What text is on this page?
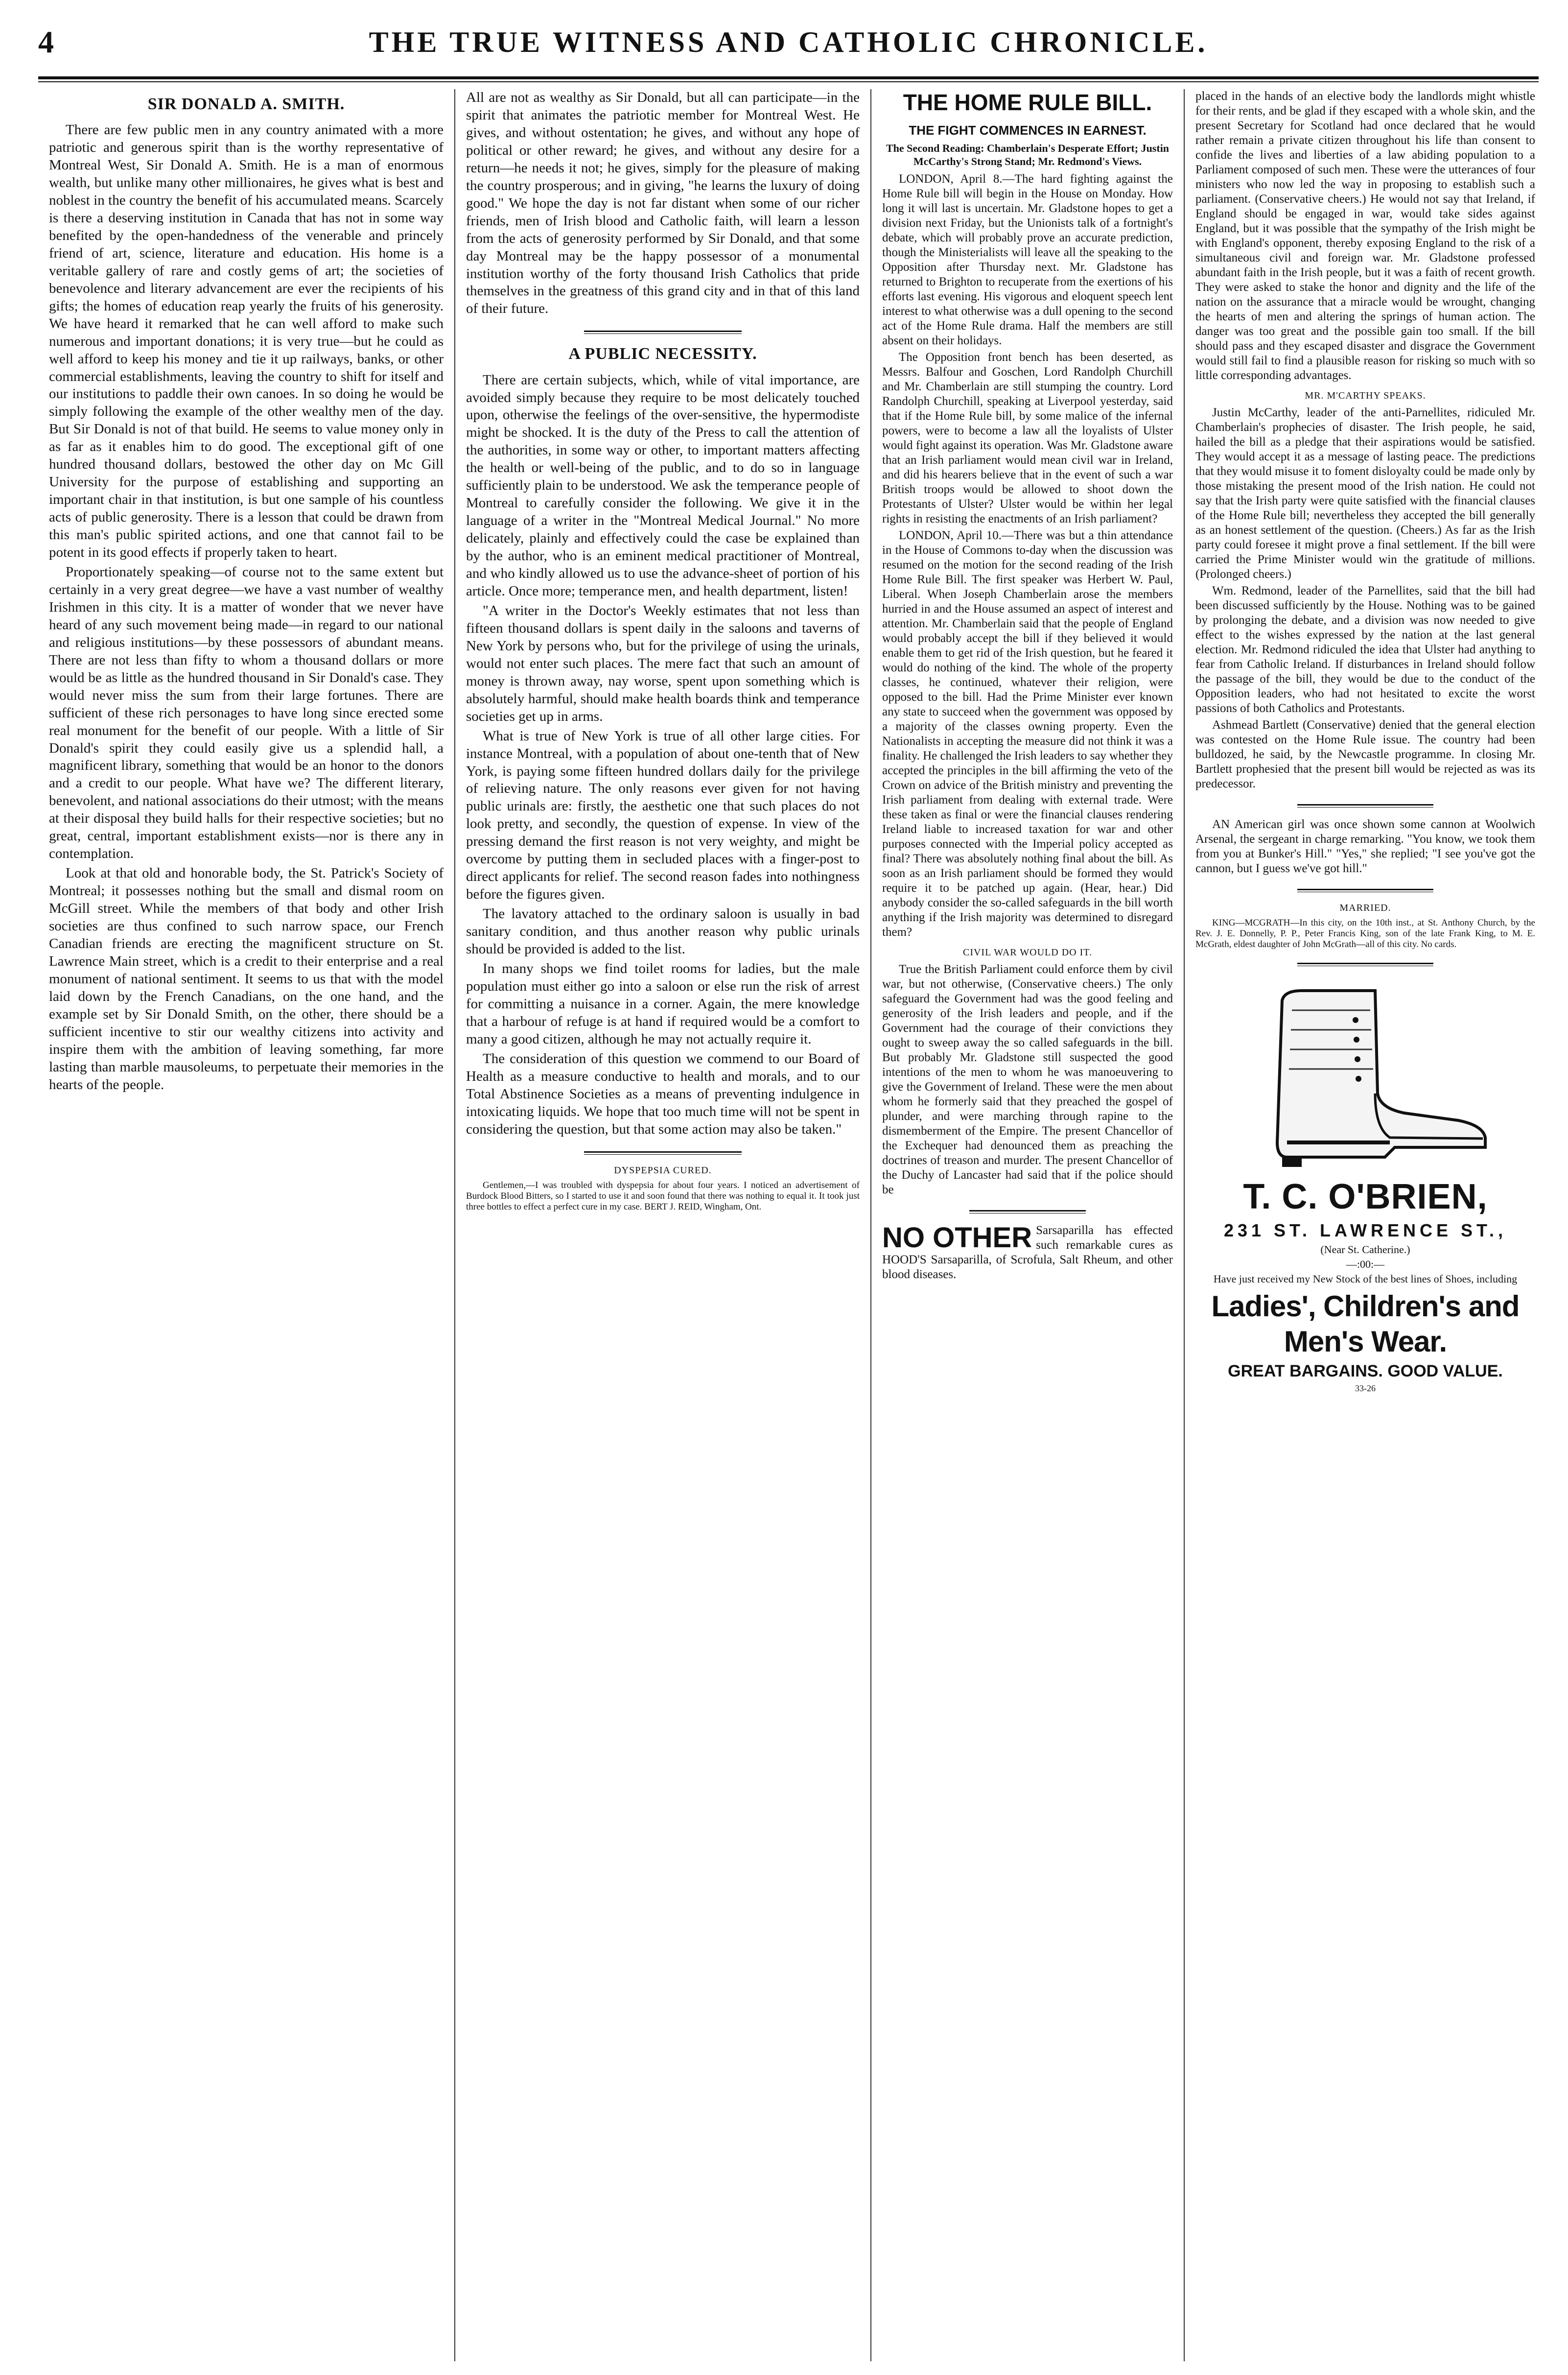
4	THE TRUE WITNESS AND CATHOLIC CHRONICLE.
SIR DONALD A. SMITH.

There are few public men in any country animated with a more patriotic and generous spirit than is the worthy representative of Montreal West, Sir Donald A. Smith. He is a man of enormous wealth, but unlike many other millionaires, he gives what is best and noblest in the country the benefit of his accumulated means. Scarcely is there a deserving institution in Canada that has not in some way benefited by the open-handedness of the venerable and princely friend of art, science, literature and education. His home is a veritable gallery of rare and costly gems of art; the societies of benevolence and literary advancement are ever the recipients of his gifts; the homes of education reap yearly the fruits of his generosity. We have heard it remarked that he can well afford to make such numerous and important donations; it is very true—but he could as well afford to keep his money and tie it up railways, banks, or other commercial establishments, leaving the country to shift for itself and our institutions to paddle their own canoes. In so doing he would be simply following the example of the other wealthy men of the day. But Sir Donald is not of that build. He seems to value money only in as far as it enables him to do good. The exceptional gift of one hundred thousand dollars, bestowed the other day on Mc Gill University for the purpose of establishing and supporting an important chair in that institution, is but one sample of his countless acts of public generosity. There is a lesson that could be drawn from this man's public spirited actions, and one that cannot fail to be potent in its good effects if properly taken to heart.

Proportionately speaking—of course not to the same extent but certainly in a very great degree—we have a vast number of wealthy Irishmen in this city. It is a matter of wonder that we never have heard of any such movement being made—in regard to our national and religious institutions—by these possessors of abundant means. There are not less than fifty to whom a thousand dollars or more would be as little as the hundred thousand in Sir Donald's case. They would never miss the sum from their large fortunes. There are sufficient of these rich personages to have long since erected some real monument for the benefit of our people. With a little of Sir Donald's spirit they could easily give us a splendid hall, a magnificent library, something that would be an honor to the donors and a credit to our people. What have we? The different literary, benevolent, and national associations do their utmost; with the means at their disposal they build halls for their respective societies; but no great, central, important establishment exists—nor is there any in contemplation.

Look at that old and honorable body, the St. Patrick's Society of Montreal; it possesses nothing but the small and dismal room on McGill street. While the members of that body and other Irish societies are thus confined to such narrow space, our French Canadian friends are erecting the magnificent structure on St. Lawrence Main street, which is a credit to their enterprise and a real monument of national sentiment. It seems to us that with the model laid down by the French Canadians, on the one hand, and the example set by Sir Donald Smith, on the other, there should be a sufficient incentive to stir our wealthy citizens into activity and inspire them with the ambition of leaving something, far more lasting than marble mausoleums, to perpetuate their memories in the hearts of the people.

All are not as wealthy as Sir Donald, but all can participate—in the spirit that animates the patriotic member for Montreal West. He gives, and without ostentation; he gives, and without any hope of political or other reward; he gives, and without any desire for a return—he needs it not; he gives, simply for the pleasure of making the country prosperous; and in giving, "he learns the luxury of doing good." We hope the day is not far distant when some of our richer friends, men of Irish blood and Catholic faith, will learn a lesson from the acts of generosity performed by Sir Donald, and that some day Montreal may be the happy possessor of a monumental institution worthy of the forty thousand Irish Catholics that pride themselves in the greatness of this grand city and in that of this land of their future.

A PUBLIC NECESSITY.

There are certain subjects, which, while of vital importance, are avoided simply because they require to be most delicately touched upon, otherwise the feelings of the over-sensitive, the hypermodiste might be shocked. It is the duty of the Press to call the attention of the authorities, in some way or other, to important matters affecting the health or well-being of the public, and to do so in language sufficiently plain to be understood. We ask the temperance people of Montreal to carefully consider the following. We give it in the language of a writer in the "Montreal Medical Journal." No more delicately, plainly and effectively could the case be explained than by the author, who is an eminent medical practitioner of Montreal, and who kindly allowed us to use the advance-sheet of portion of his article. Once more; temperance men, and health department, listen!

"A writer in the Doctor's Weekly estimates that not less than fifteen thousand dollars is spent daily in the saloons and taverns of New York by persons who, but for the privilege of using the urinals, would not enter such places. The mere fact that such an amount of money is thrown away, nay worse, spent upon something which is absolutely harmful, should make health boards think and temperance societies get up in arms.

What is true of New York is true of all other large cities. For instance Montreal, with a population of about one-tenth that of New York, is paying some fifteen hundred dollars daily for the privilege of relieving nature. The only reasons ever given for not having public urinals are: firstly, the aesthetic one that such places do not look pretty, and secondly, the question of expense. In view of the pressing demand the first reason is not very weighty, and might be overcome by putting them in secluded places with a finger-post to direct applicants for relief. The second reason fades into nothingness before the figures given.

The lavatory attached to the ordinary saloon is usually in bad sanitary condition, and thus another reason why public urinals should be provided is added to the list.

In many shops we find toilet rooms for ladies, but the male population must either go into a saloon or else run the risk of arrest for committing a nuisance in a corner. Again, the mere knowledge that a harbour of refuge is at hand if required would be a comfort to many a good citizen, although he may not actually require it.

The consideration of this question we commend to our Board of Health as a measure conductive to health and morals, and to our Total Abstinence Societies as a means of preventing indulgence in intoxicating liquids. We hope that too much time will not be spent in considering the question, but that some action may also be taken."

DYSPEPSIA CURED.

Gentlemen,—I was troubled with dyspepsia for about four years. I noticed an advertisement of Burdock Blood Bitters, so I started to use it and soon found that there was nothing to equal it. It took just three bottles to effect a perfect cure in my case. BERT J. REID, Wingham, Ont.

THE HOME RULE BILL.
THE FIGHT COMMENCES IN EARNEST.
The Second Reading: Chamberlain's Desperate Effort; Justin McCarthy's Strong Stand; Mr. Redmond's Views.

LONDON, April 8.—The hard fighting against the Home Rule bill will begin in the House on Monday. How long it will last is uncertain. Mr. Gladstone hopes to get a division next Friday, but the Unionists talk of a fortnight's debate, which will probably prove an accurate prediction, though the Ministerialists will leave all the speaking to the Opposition after Thursday next. Mr. Gladstone has returned to Brighton to recuperate from the exertions of his efforts last evening. His vigorous and eloquent speech lent interest to what otherwise was a dull opening to the second act of the Home Rule drama. Half the members are still absent on their holidays.

The Opposition front bench has been deserted, as Messrs. Balfour and Goschen, Lord Randolph Churchill and Mr. Chamberlain are still stumping the country. Lord Randolph Churchill, speaking at Liverpool yesterday, said that if the Home Rule bill, by some malice of the infernal powers, were to become a law all the loyalists of Ulster would fight against its operation. Was Mr. Gladstone aware that an Irish parliament would mean civil war in Ireland, and did his hearers believe that in the event of such a war British troops would be allowed to shoot down the Protestants of Ulster? Ulster would be within her legal rights in resisting the enactments of an Irish parliament?

LONDON, April 10.—There was but a thin attendance in the House of Commons to-day when the discussion was resumed on the motion for the second reading of the Irish Home Rule Bill. The first speaker was Herbert W. Paul, Liberal. When Joseph Chamberlain arose the members hurried in and the House assumed an aspect of interest and attention. Mr. Chamberlain said that the people of England would probably accept the bill if they believed it would enable them to get rid of the Irish question, but he feared it would do nothing of the kind. The whole of the property classes, he continued, whatever their religion, were opposed to the bill. Had the Prime Minister ever known any state to succeed when the government was opposed by a majority of the classes owning property. Even the Nationalists in accepting the measure did not think it was a finality. He challenged the Irish leaders to say whether they accepted the principles in the bill affirming the veto of the Crown on advice of the British ministry and preventing the Irish parliament from dealing with external trade. Were these taken as final or were the financial clauses rendering Ireland liable to increased taxation for war and other purposes connected with the Imperial policy accepted as final? There was absolutely nothing final about the bill. As soon as an Irish parliament should be formed they would require it to be patched up again. (Hear, hear.) Did anybody consider the so-called safeguards in the bill worth anything if the Irish majority was determined to disregard them?

CIVIL WAR WOULD DO IT.

True the British Parliament could enforce them by civil war, but not otherwise, (Conservative cheers.) The only safeguard the Government had was the good feeling and generosity of the Irish leaders and people, and if the Government had the courage of their convictions they ought to sweep away the so called safeguards in the bill. But probably Mr. Gladstone still suspected the good intentions of the men to whom he was manoeuvering to give the Government of Ireland. These were the men about whom he formerly said that they preached the gospel of plunder, and were marching through rapine to the dismemberment of the Empire. The present Chancellor of the Exchequer had denounced them as preaching the doctrines of treason and murder. The present Chancellor of the Duchy of Lancaster had said that if the police should be

NO OTHER Sarsaparilla has effected such remarkable cures as HOOD'S Sarsaparilla, of Scrofula, Salt Rheum, and other blood diseases.

placed in the hands of an elective body the landlords might whistle for their rents, and be glad if they escaped with a whole skin, and the present Secretary for Scotland had once declared that he would rather remain a private citizen throughout his life than consent to confide the lives and liberties of a law abiding population to a Parliament composed of such men. These were the utterances of four ministers who now led the way in proposing to establish such a parliament. (Conservative cheers.) He would not say that Ireland, if England should be engaged in war, would take sides against England, but it was possible that the sympathy of the Irish might be with England's opponent, thereby exposing England to the risk of a simultaneous civil and foreign war. Mr. Gladstone professed abundant faith in the Irish people, but it was a faith of recent growth. They were asked to stake the honor and dignity and the life of the nation on the assurance that a miracle would be wrought, changing the hearts of men and altering the springs of human action. The danger was too great and the possible gain too small. If the bill should pass and they escaped disaster and disgrace the Government would still fail to find a plausible reason for risking so much with so little corresponding advantages.

MR. M'CARTHY SPEAKS.

Justin McCarthy, leader of the anti-Parnellites, ridiculed Mr. Chamberlain's prophecies of disaster. The Irish people, he said, hailed the bill as a pledge that their aspirations would be satisfied. They would accept it as a message of lasting peace. The predictions that they would misuse it to foment disloyalty could be made only by those mistaking the present mood of the Irish nation. He could not say that the Irish party were quite satisfied with the financial clauses of the Home Rule bill; nevertheless they accepted the bill generally as an honest settlement of the question. (Cheers.) As far as the Irish party could foresee it might prove a final settlement. If the bill were carried the Prime Minister would win the gratitude of millions. (Prolonged cheers.)

Wm. Redmond, leader of the Parnellites, said that the bill had been discussed sufficiently by the House. Nothing was to be gained by prolonging the debate, and a division was now needed to give effect to the wishes expressed by the nation at the last general election. Mr. Redmond ridiculed the idea that Ulster had anything to fear from Catholic Ireland. If disturbances in Ireland should follow the passage of the bill, they would be due to the conduct of the Opposition leaders, who had not hesitated to excite the worst passions of both Catholics and Protestants.

Ashmead Bartlett (Conservative) denied that the general election was contested on the Home Rule issue. The country had been bulldozed, he said, by the Newcastle programme. In closing Mr. Bartlett prophesied that the present bill would be rejected as was its predecessor.

AN American girl was once shown some cannon at Woolwich Arsenal, the sergeant in charge remarking. "You know, we took them from you at Bunker's Hill." "Yes," she replied; "I see you've got the cannon, but I guess we've got hill."

MARRIED.

KING—MCGRATH—In this city, on the 10th inst., at St. Anthony Church, by the Rev. J. E. Donnelly, P. P., Peter Francis King, son of the late Frank King, to M. E. McGrath, eldest daughter of John McGrath—all of this city. No cards.

T. C. O'BRIEN,
231 ST. LAWRENCE ST.,
(Near St. Catherine.)
—:00:—
Have just received my New Stock of the best lines of Shoes, including
Ladies', Children's and Men's Wear.
GREAT BARGAINS. GOOD VALUE.
33-26
